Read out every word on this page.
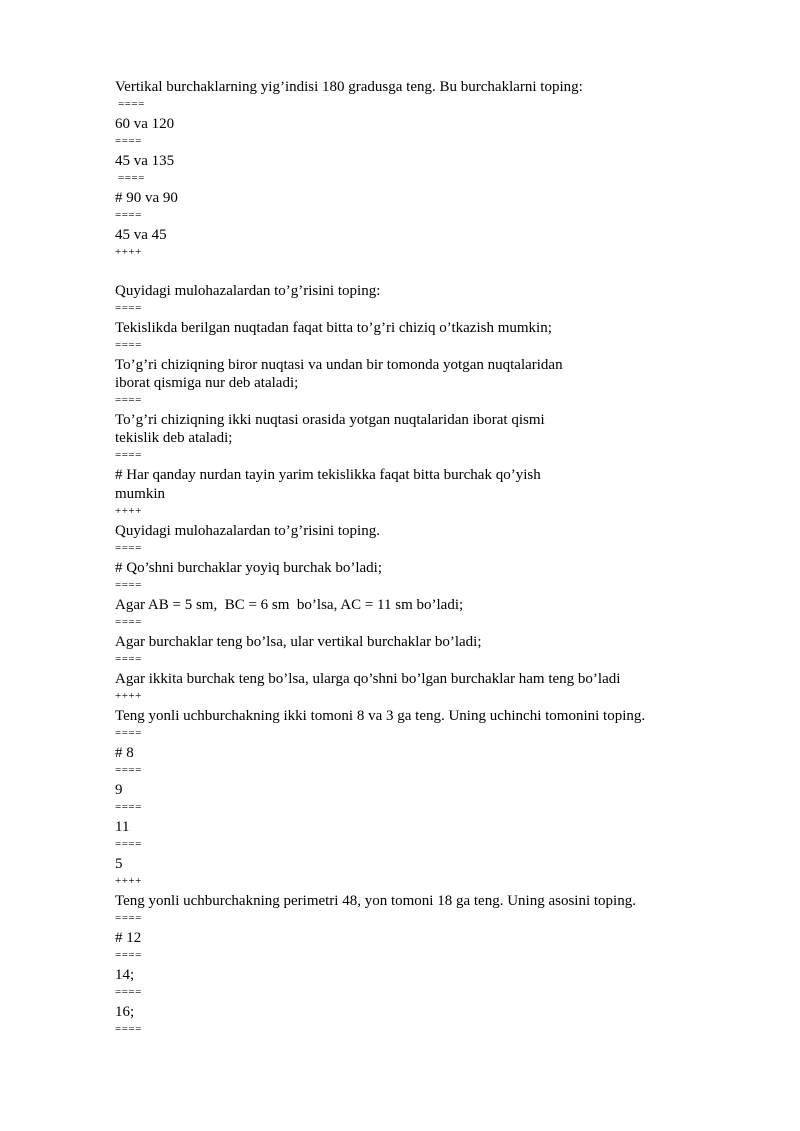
Vertikal burchaklarning yig’indisi 180 gradusga teng. Bu burchaklarni toping:
====
60 va 120
====
45 va 135
====
# 90 va 90
====
45 va 45
++++
Quyidagi mulohazalardan to’g’risini toping:
====
Tekislikda berilgan nuqtadan faqat bitta to’g’ri chiziq o’tkazish mumkin;
====
To’g’ri chiziqning biror nuqtasi va undan bir tomonda yotgan nuqtalaridan
iborat qismiga nur deb ataladi;
====
To’g’ri chiziqning ikki nuqtasi orasida yotgan nuqtalaridan iborat qismi
tekislik deb ataladi;
====
# Har qanday nurdan tayin yarim tekislikka faqat bitta burchak qo’yish
mumkin
++++
Quyidagi mulohazalardan to’g’risini toping.
====
# Qo’shni burchaklar yoyiq burchak bo’ladi;
====
Agar AB = 5 sm,  BC = 6 sm  bo’lsa, AC = 11 sm bo’ladi;
====
Agar burchaklar teng bo’lsa, ular vertikal burchaklar bo’ladi;
====
Agar ikkita burchak teng bo’lsa, ularga qo’shni bo’lgan burchaklar ham teng bo’ladi
++++
Teng yonli uchburchakning ikki tomoni 8 va 3 ga teng. Uning uchinchi tomonini toping.
====
# 8
====
9
====
11
====
5
++++
Teng yonli uchburchakning perimetri 48, yon tomoni 18 ga teng. Uning asosini toping.
====
# 12
====
14;
====
16;
====
